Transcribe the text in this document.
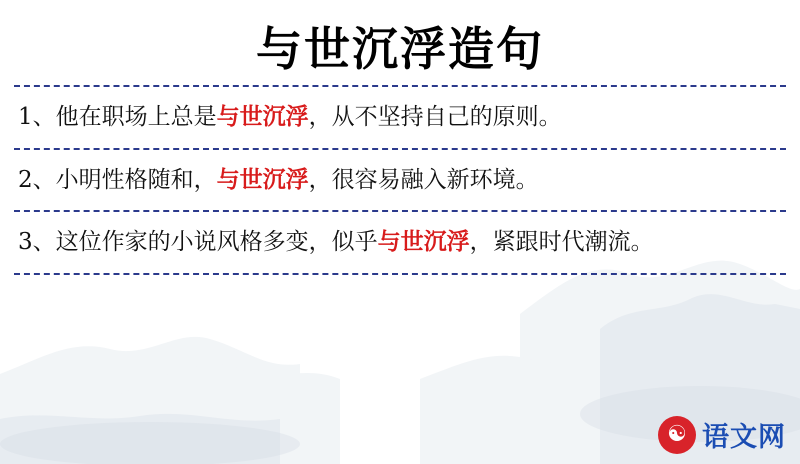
与世沉浮造句
1、他在职场上总是与世沉浮，从不坚持自己的原则。
2、小明性格随和，与世沉浮，很容易融入新环境。
3、这位作家的小说风格多变，似乎与世沉浮，紧跟时代潮流。
☯ 语文网
